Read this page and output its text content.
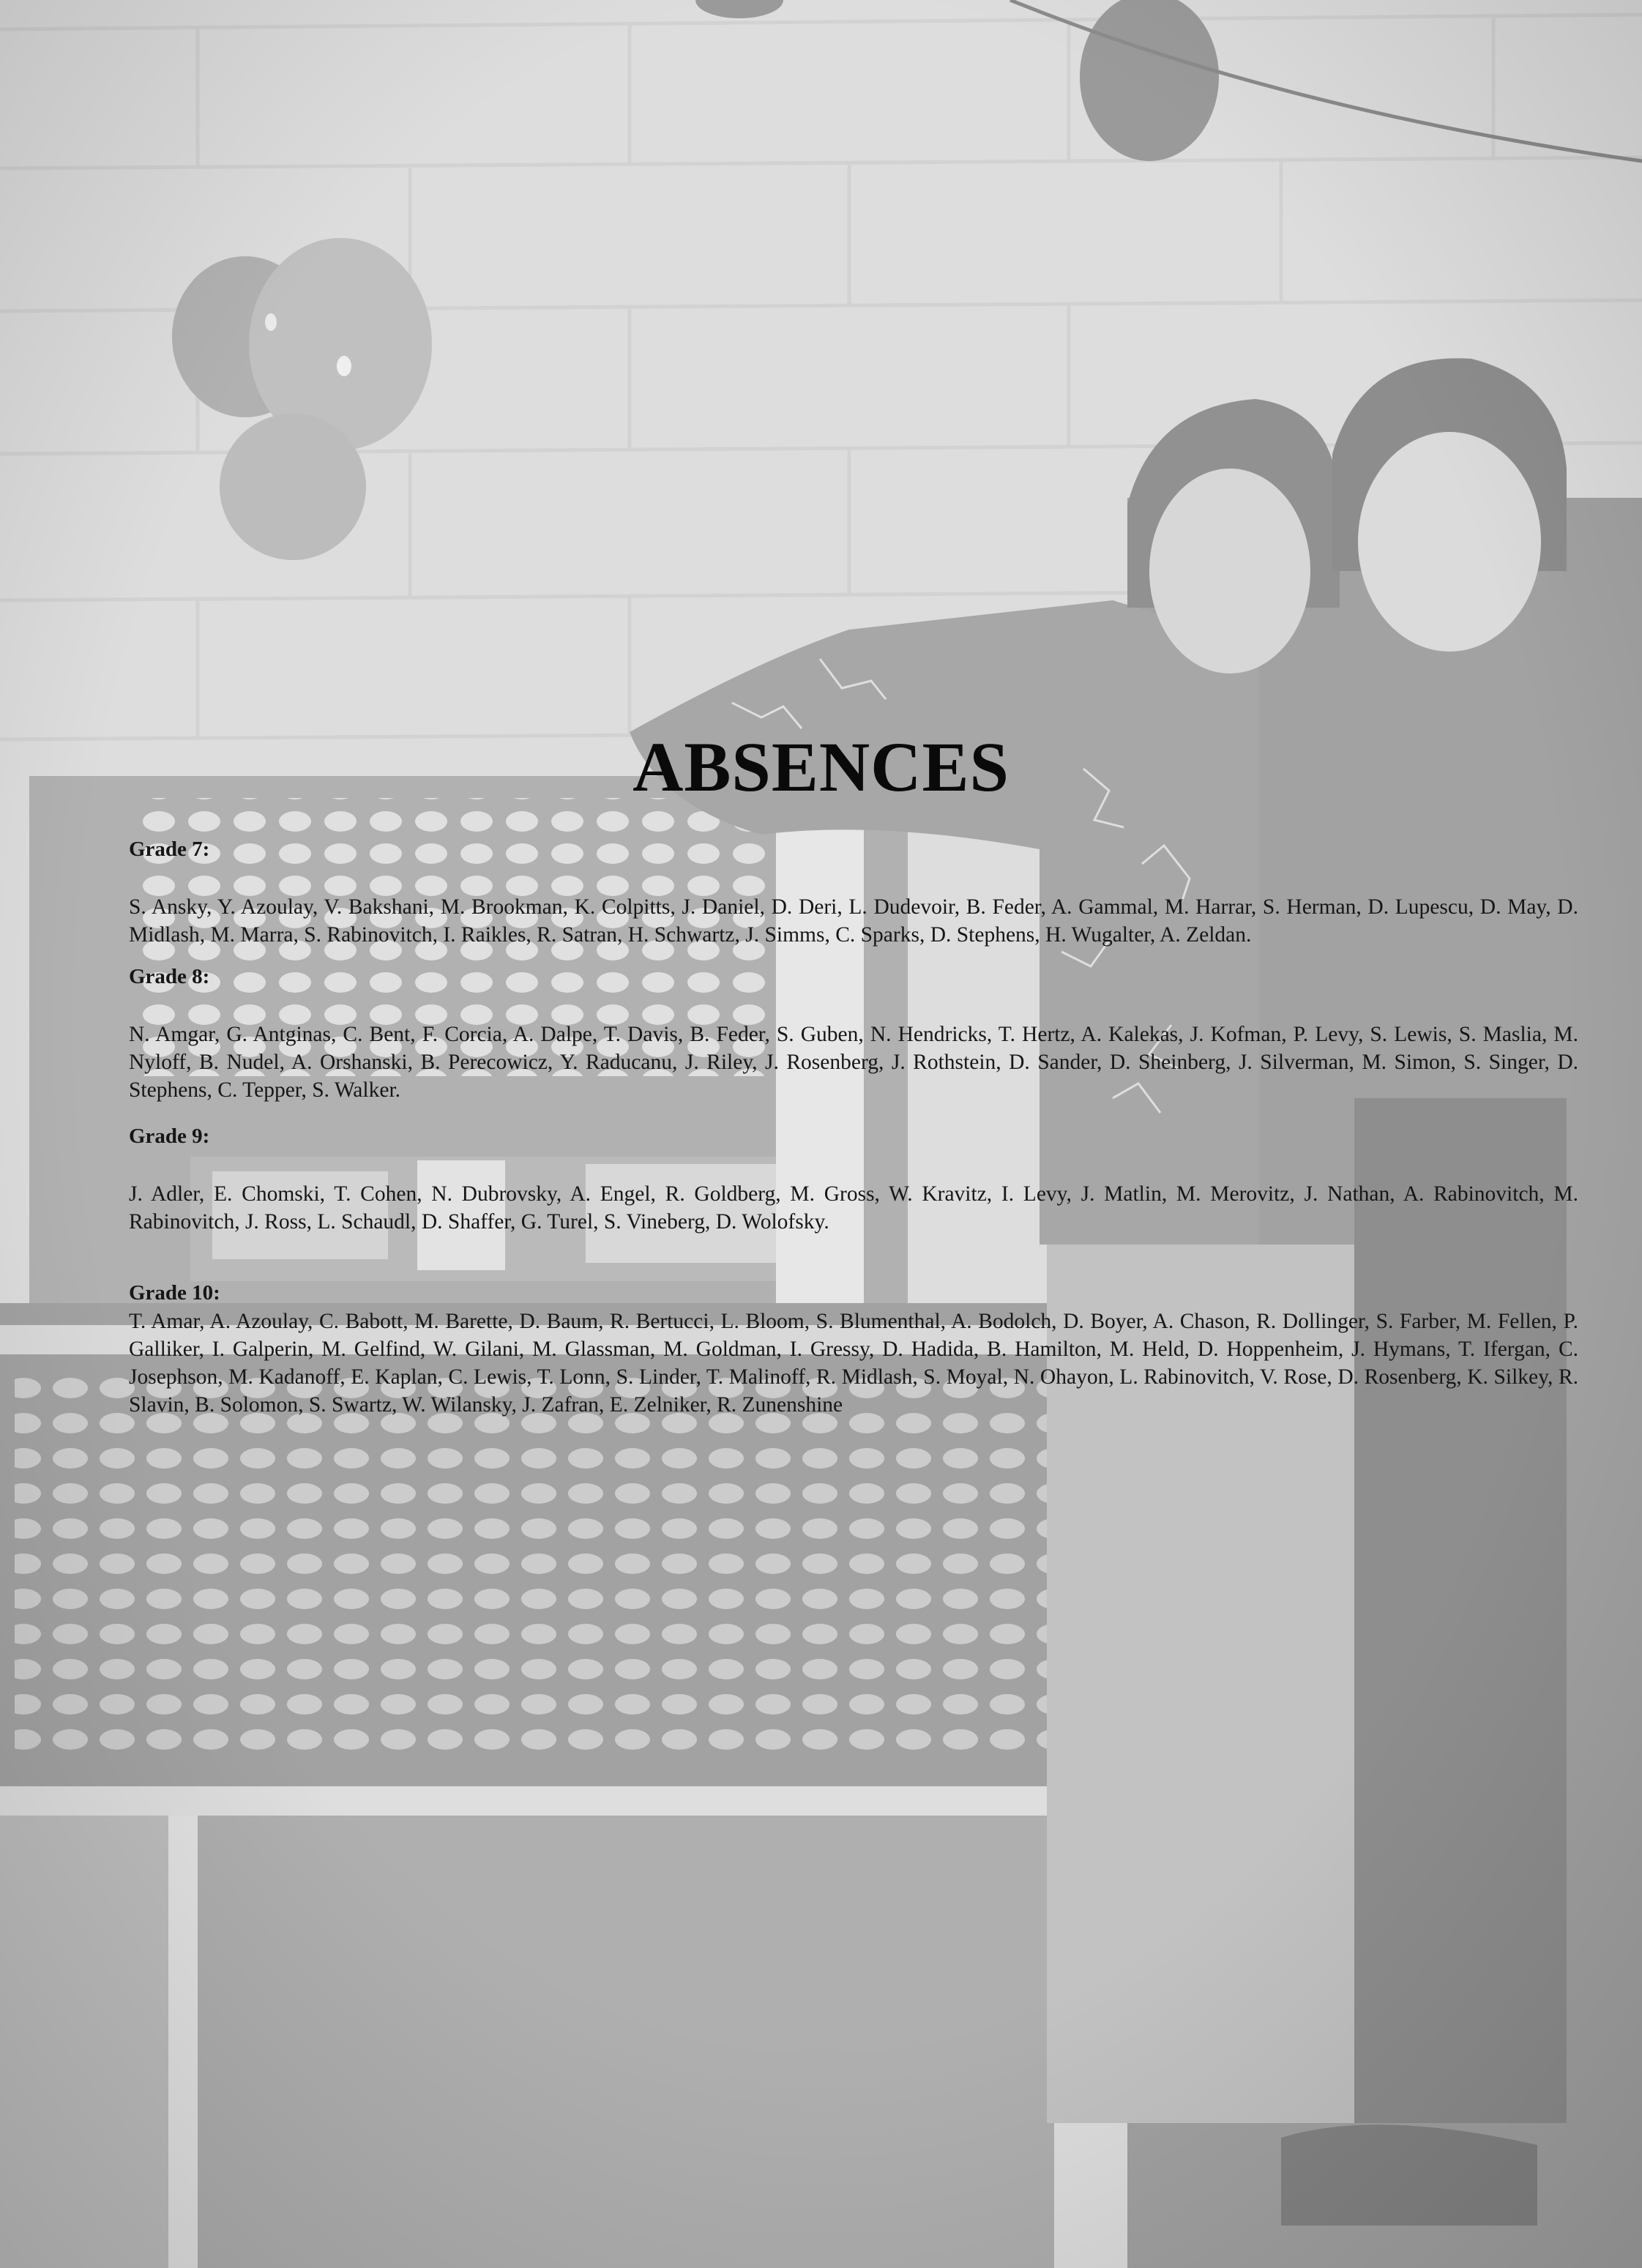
ABSENCES

Grade 7:

S. Ansky, Y. Azoulay, V. Bakshani, M. Brookman, K. Colpitts, J. Daniel, D. Deri, L. Dudevoir, B. Feder, A. Gammal, M. Harrar, S. Herman, D. Lupescu, D. May, D. Midlash, M. Marra, S. Rabinovitch, I. Raikles, R. Satran, H. Schwartz, J. Simms, C. Sparks, D. Stephens, H. Wugalter, A. Zeldan.

Grade 8:

N. Amgar, G. Antginas, C. Bent, F. Corcia, A. Dalpe, T. Davis, B. Feder, S. Guben, N. Hendricks, T. Hertz, A. Kalekas, J. Kofman, P. Levy, S. Lewis, S. Maslia, M. Nyloff, B. Nudel, A. Orshanski, B. Perecowicz, Y. Raducanu, J. Riley, J. Rosenberg, J. Rothstein, D. Sander, D. Sheinberg, J. Silverman, M. Simon, S. Singer, D. Stephens, C. Tepper, S. Walker.

Grade 9:

J. Adler, E. Chomski, T. Cohen, N. Dubrovsky, A. Engel, R. Goldberg, M. Gross, W. Kravitz, I. Levy, J. Matlin, M. Merovitz, J. Nathan, A. Rabinovitch, M. Rabinovitch, J. Ross, L. Schaudl, D. Shaffer, G. Turel, S. Vineberg, D. Wolofsky.

Grade 10:

T. Amar, A. Azoulay, C. Babott, M. Barette, D. Baum, R. Bertucci, L. Bloom, S. Blumenthal, A. Bodolch, D. Boyer, A. Chason, R. Dollinger, S. Farber, M. Fellen, P. Galliker, I. Galperin, M. Gelfind, W. Gilani, M. Glassman, M. Goldman, I. Gressy, D. Hadida, B. Hamilton, M. Held, D. Hoppenheim, J. Hymans, T. Ifergan, C. Josephson, M. Kadanoff, E. Kaplan, C. Lewis, T. Lonn, S. Linder, T. Malinoff, R. Midlash, S. Moyal, N. Ohayon, L. Rabinovitch, V. Rose, D. Rosenberg, K. Silkey, R. Slavin, B. Solomon, S. Swartz, W. Wilansky, J. Zafran, E. Zelniker, R. Zunenshine
